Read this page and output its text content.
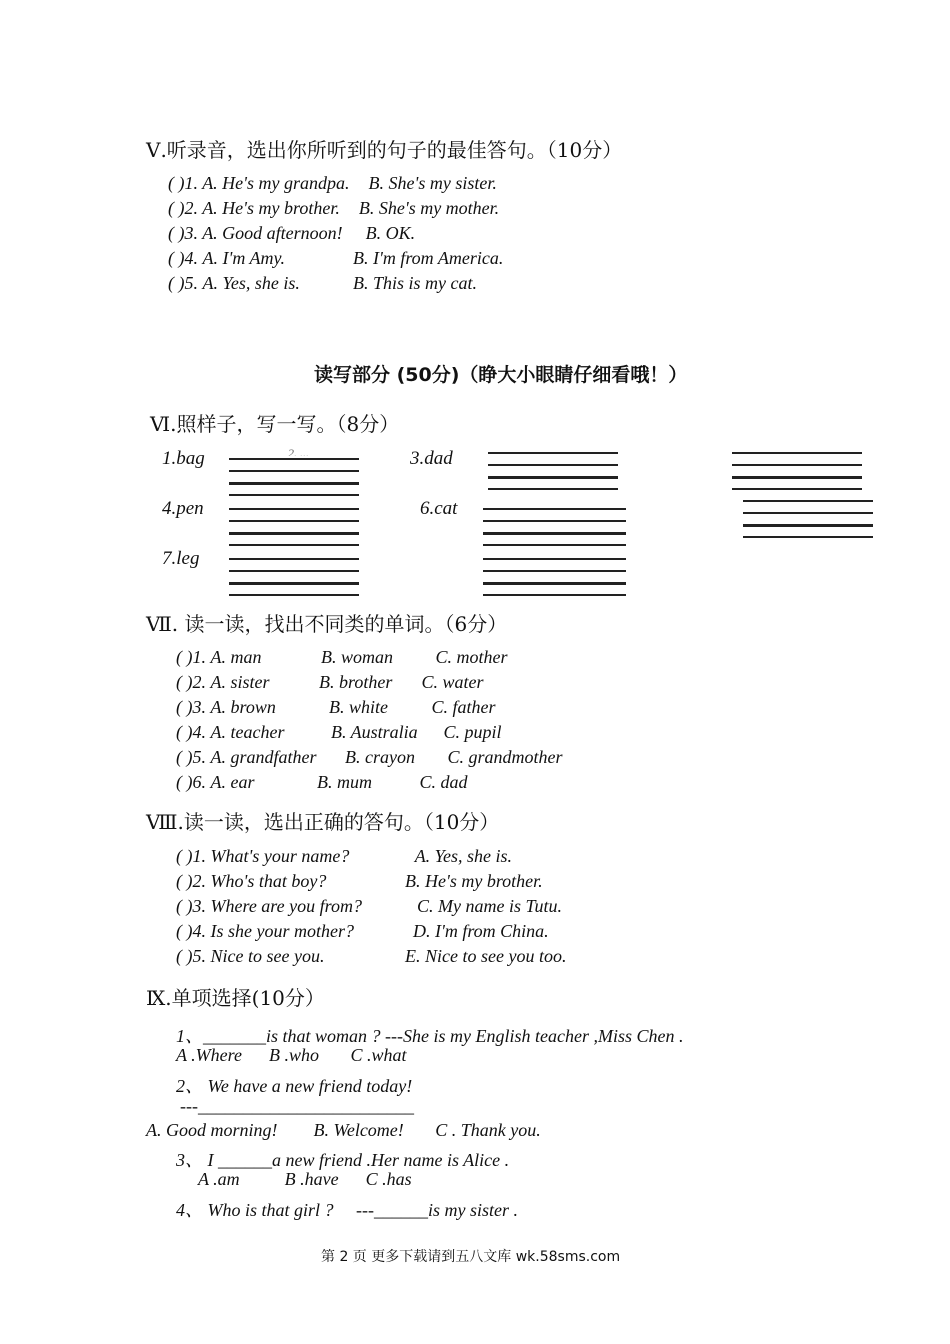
Ⅴ.听录音，选出你所听到的句子的最佳答句。（10分）
( )1. A. He's my grandpa. B. She's my sister.
( )2. A. He's my brother. B. She's my mother.
( )3. A. Good afternoon! B. OK.
( )4. A. I'm Amy.	B. I'm from America.
( )5. A. Yes, she is.	B. This is my cat.
读写部分 (50分)（睁大小眼睛仔细看哦！）
Ⅵ.照样子，写一写。（8分）
1.bag	3.dad
4.pen	6.cat
7.leg
2. ...
Ⅶ. 读一读，找出不同类的单词。（6分）
( )1. A. man	B. woman C. mother
( )2. A. sister	B. brother C. water
( )3. A. brown	B. white C. father
( )4. A. teacher	B. Australia C. pupil
( )5. A. grandfather B. crayon C. grandmother
( )6. A. ear	B. mum	C. dad
Ⅷ.读一读，选出正确的答句。（10分）
( )1. What's your name?	A. Yes, she is.
( )2. Who's that boy?	B. He's my brother.
( )3. Where are you from?	C. My name is Tutu.
( )4. Is she your mother?	D. I'm from China.
( )5. Nice to see you.	E. Nice to see you too.
Ⅸ.单项选择(10分）
1、_______is that woman ? ---She is my English teacher ,Miss Chen .
A .Where      B .who       C .what
2、 We have a new friend today!
---________________________
A. Good morning!        B. Welcome!       C . Thank you.
3、 I ______a new friend .Her name is Alice .
A .am          B .have      C .has
4、 Who is that girl ?     ---______is my sister .
第 2 页 更多下载请到五八文库 wk.58sms.com
